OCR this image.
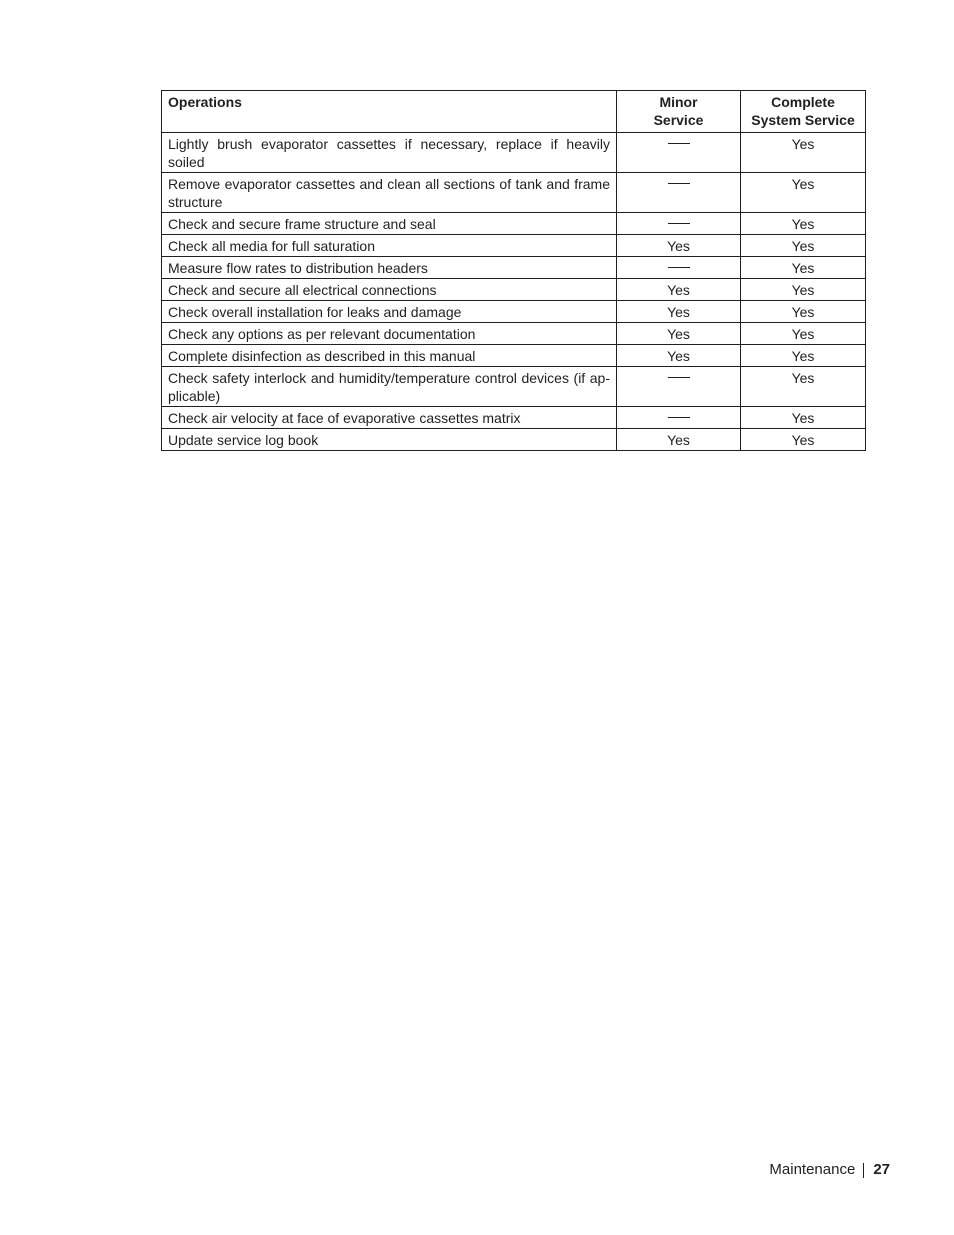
Operations	Minor Service	Complete System Service
Lightly brush evaporator cassettes if necessary, replace if heavily soiled		Yes
Remove evaporator cassettes and clean all sections of tank and frame structure		Yes
Check and secure frame structure and seal		Yes
Check all media for full saturation	Yes	Yes
Measure flow rates to distribution headers		Yes
Check and secure all electrical connections	Yes	Yes
Check overall installation for leaks and damage	Yes	Yes
Check any options as per relevant documentation	Yes	Yes
Complete disinfection as described in this manual	Yes	Yes
Check safety interlock and humidity/temperature control devices (if ap-plicable)		Yes
Check air velocity at face of evaporative cassettes matrix		Yes
Update service log book	Yes	Yes
Maintenance 27
